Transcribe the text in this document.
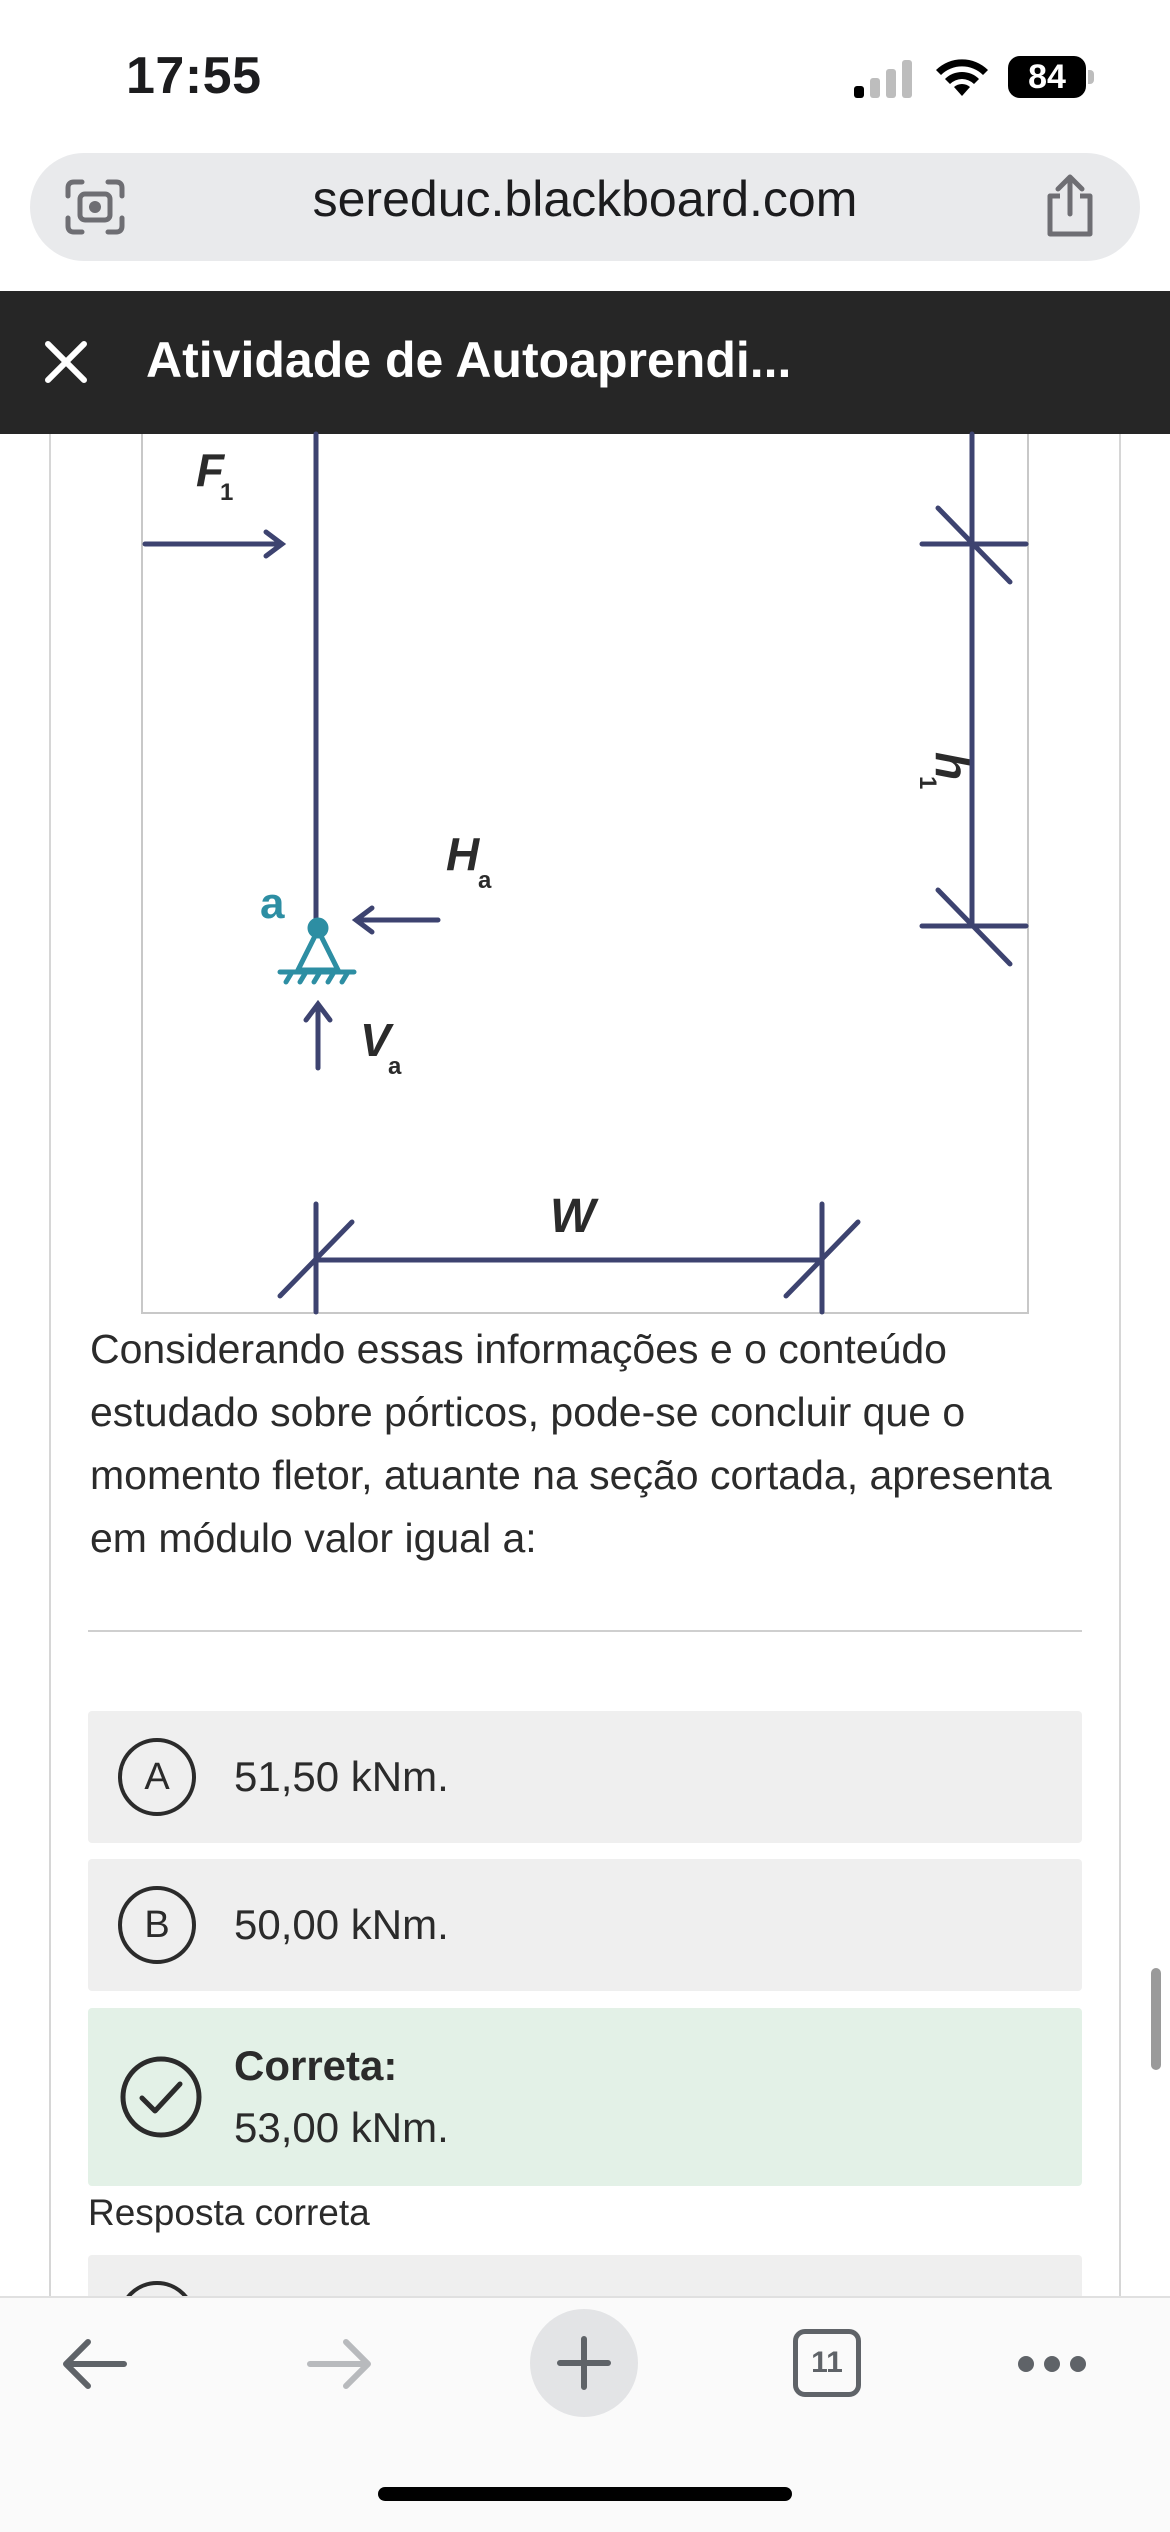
17:55	84
sereduc.blackboard.com
Atividade de Autoaprendi...
F
1
a
H
a
V
a
W
h
1
Considerando essas informações e o conteúdo estudado sobre pórticos, pode-se concluir que o momento fletor, atuante na seção cortada, apresenta em módulo valor igual a:
A	51,50 kNm.
B	50,00 kNm.
Correta:
53,00 kNm.
Resposta correta
11
